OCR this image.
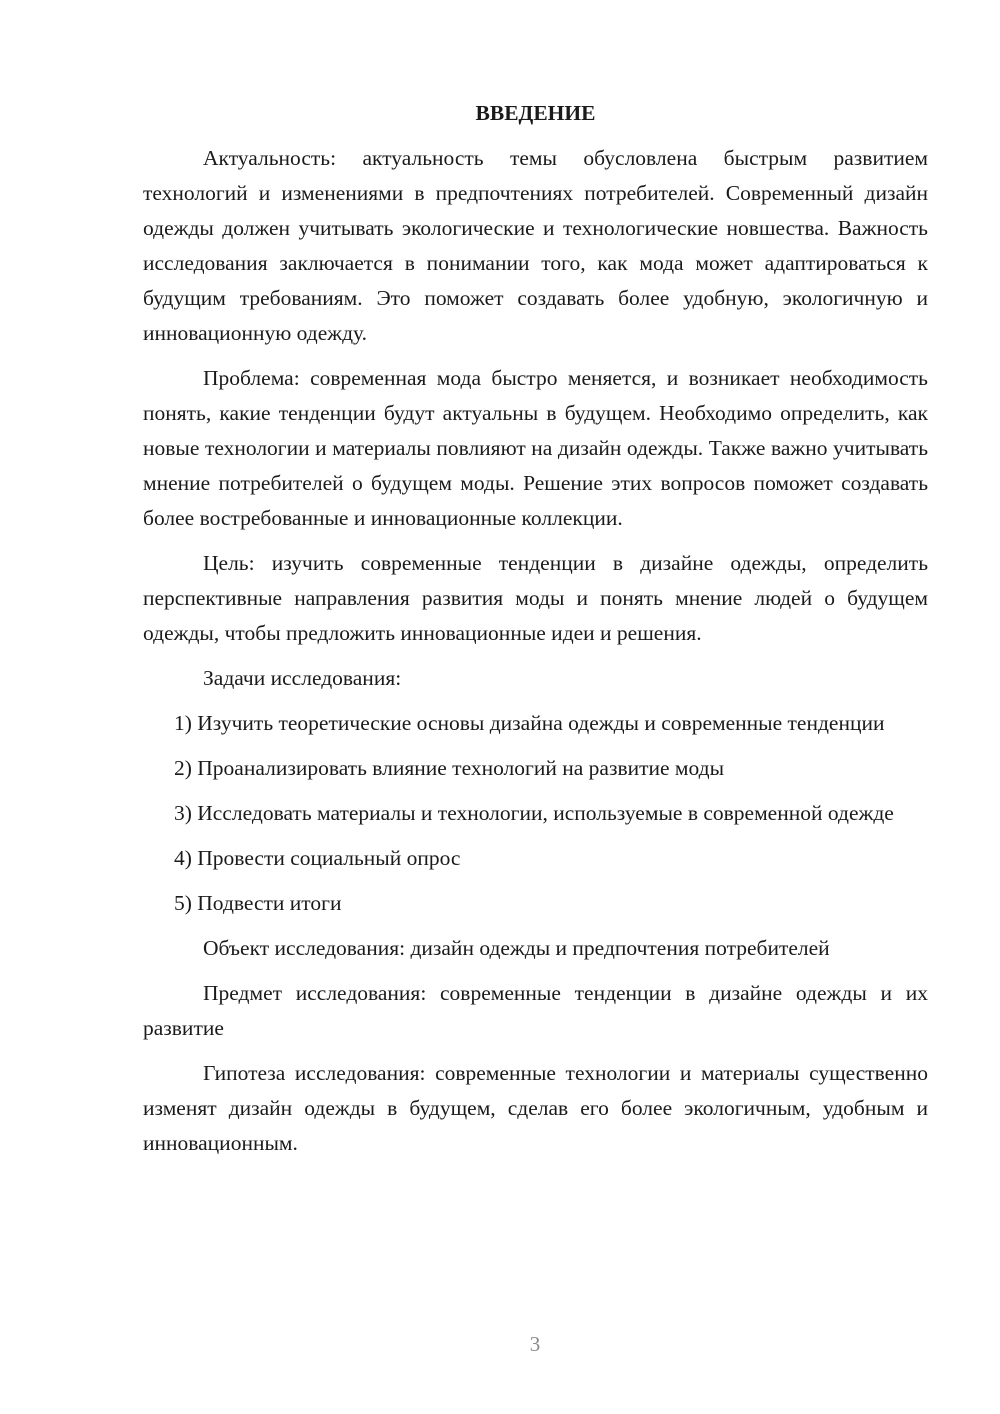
ВВЕДЕНИЕ

Актуальность: актуальность темы обусловлена быстрым развитием технологий и изменениями в предпочтениях потребителей. Современный дизайн одежды должен учитывать экологические и технологические новшества. Важность исследования заключается в понимании того, как мода может адаптироваться к будущим требованиям. Это поможет создавать более удобную, экологичную и инновационную одежду.

Проблема: современная мода быстро меняется, и возникает необходимость понять, какие тенденции будут актуальны в будущем. Необходимо определить, как новые технологии и материалы повлияют на дизайн одежды. Также важно учитывать мнение потребителей о будущем моды. Решение этих вопросов поможет создавать более востребованные и инновационные коллекции.

Цель: изучить современные тенденции в дизайне одежды, определить перспективные направления развития моды и понять мнение людей о будущем одежды, чтобы предложить инновационные идеи и решения.

Задачи исследования:

1) Изучить теоретические основы дизайна одежды и современные тенденции

2) Проанализировать влияние технологий на развитие моды

3) Исследовать материалы и технологии, используемые в современной одежде

4) Провести социальный опрос

5) Подвести итоги

Объект исследования: дизайн одежды и предпочтения потребителей

Предмет исследования: современные тенденции в дизайне одежды и их развитие

Гипотеза исследования: современные технологии и материалы существенно изменят дизайн одежды в будущем, сделав его более экологичным, удобным и инновационным.

3
